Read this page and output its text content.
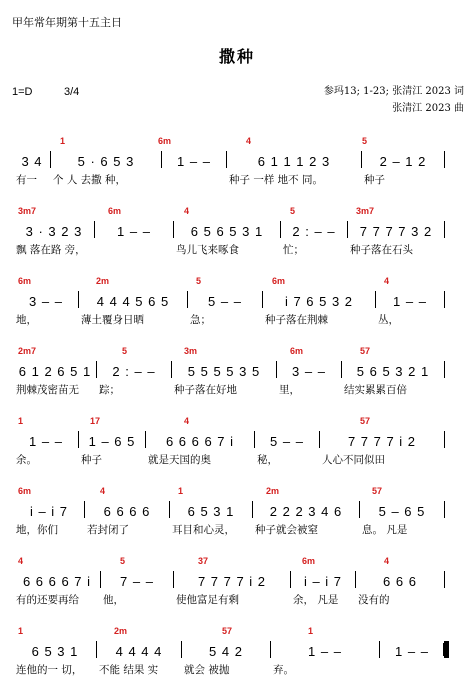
甲年常年期第十五主日
撒种
1=D	3/4	参玛13; 1-23; 张清江 2023 词
张清江 2023 曲
1	6m	4	5
3 4	5 · 6 5 3	1 – –	6 1 1 1 2 3	2 – 1 2
有一	个 人 去撒 种，	种子 一样 地不 同。	种子
3m7	6m	4	5	3m7
3 · 3 2 3	1 – –	6 5 6 5 3 1 2 : – – 7 7 7 7 3 2
飘 落在路 旁，	鸟儿飞来啄食	忙；	种子落在石头
6m	2m	5	6m	4
3 – –	4 4 4 5 6 5	5 – –	i 7 6 5 3 2	1 – –
地，	薄土覆身日晒	急；	种子落在荆棘	丛，
2m7	5	3m	6m	57
6 1 2 6 5 1 2 : – – 5 5 5 5 3 5 3 – – 5 6 5 3 2 1
荆棘茂密苗无	踪；	种子落在好地	里，	结实累累百倍
1	17	4	57
1 – – 1 – 6 5 6 6 6 6 7 i	5 – –	7 7 7 7 i 2
余。	种子	就是天国的奥	秘，	人心不同似田
6m	4	1	2m	57
i – i 7	6 6 6 6	6 5 3 1	2 2 2 3 4 6	5 – 6 5
地，你们	若封闭了	耳目和心灵，	种子就会被窒	息。 凡是
4	5	37	6m	4
6 6 6 6 7 i 7 – –	7 7 7 7 i 2	i – i 7	6 6 6
有的还要再给	他，	使他富足有剩	余， 凡是	没有的
1	2m	57	1
6 5 3 1	4 4 4 4	5 4 2	1 – –	1 – –
连他的一 切，	不能 结果 实	就会 被抛	弃。
